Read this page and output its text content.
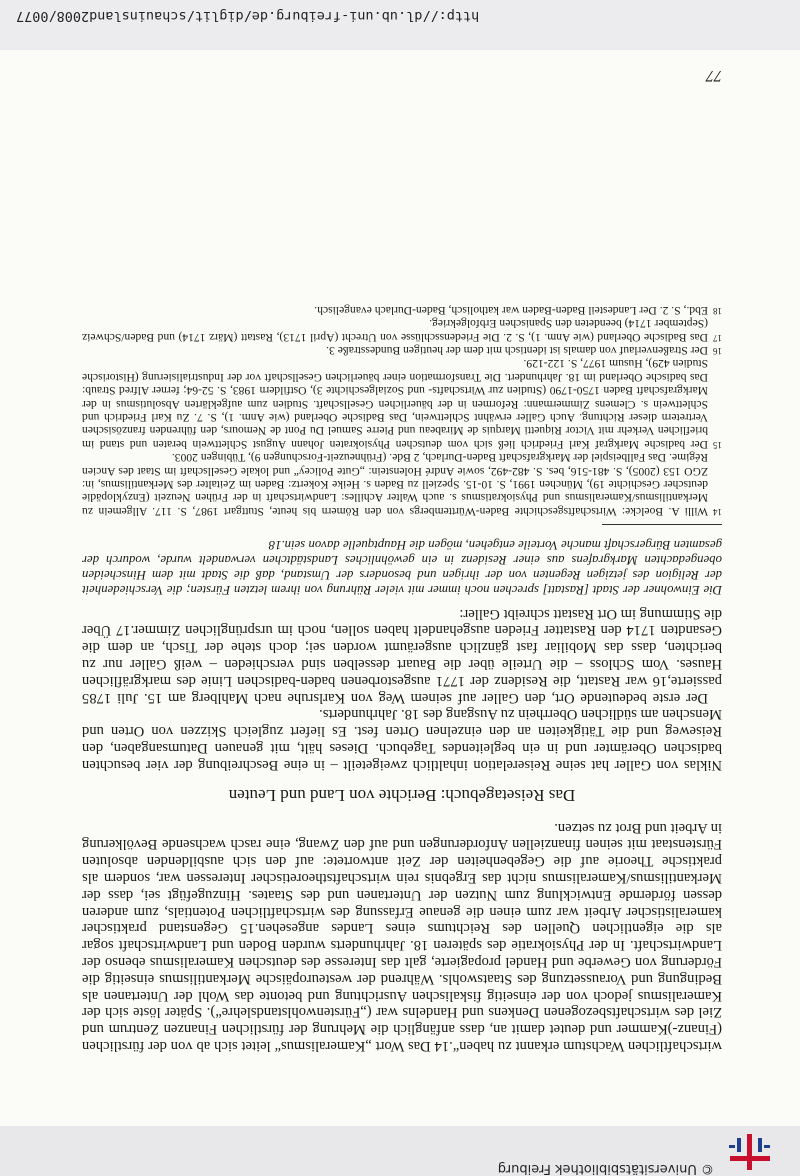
© Universitätsbibliothek Freiburg

wirtschaftlichen Wachstum erkannt zu haben“.14 Das Wort „Kameralismus“ leitet sich ab von der fürstlichen (Finanz-)Kammer und deutet damit an, dass anfänglich die Mehrung der fürstlichen Finanzen Zentrum und Ziel des wirtschaftsbezogenen Denkens und Handelns war („Fürstenwohlstandslehre“). Später löste sich der Kameralismus jedoch von der einseitig fiskalischen Ausrichtung und betonte das Wohl der Untertanen als Bedingung und Voraussetzung des Staatswohls. Während der westeuropäische Merkantilismus einseitig die Förderung von Gewerbe und Handel propagierte, galt das Interesse des deutschen Kameralismus ebenso der Landwirtschaft. In der Physiokratie des späteren 18. Jahrhunderts wurden Boden und Landwirtschaft sogar als die eigentlichen Quellen des Reichtums eines Landes angesehen.15 Gegenstand praktischer kameralistischer Arbeit war zum einen die genaue Erfassung des wirtschaftlichen Potentials, zum anderen dessen fördernde Entwicklung zum Nutzen der Untertanen und des Staates. Hinzugefügt sei, dass der Merkantilismus/Kameralismus nicht das Ergebnis rein wirtschaftstheoretischer Interessen war, sondern als praktische Theorie auf die Gegebenheiten der Zeit antwortete: auf den sich ausbildenden absoluten Fürstenstaat mit seinen finanziellen Anforderungen und auf den Zwang, eine rasch wachsende Bevölkerung in Arbeit und Brot zu setzen.

Das Reisetagebuch: Berichte von Land und Leuten

Niklas von Galler hat seine Reiserelation inhaltlich zweigeteilt – in eine Beschreibung der vier besuchten badischen Oberämter und in ein begleitendes Tagebuch. Dieses hält, mit genauen Datumsangaben, den Reiseweg und die Tätigkeiten an den einzelnen Orten fest. Es liefert zugleich Skizzen von Orten und Menschen am südlichen Oberrhein zu Ausgang des 18. Jahrhunderts.

Der erste bedeutende Ort, den Galler auf seinem Weg von Karlsruhe nach Mahlberg am 15. Juli 1785 passierte,16 war Rastatt, die Residenz der 1771 ausgestorbenen baden-badischen Linie des markgräflichen Hauses. Vom Schloss – die Urteile über die Bauart desselben sind verschieden – weiß Galler nur zu berichten, dass das Mobiliar fast gänzlich ausgeräumt worden sei; doch stehe der Tisch, an dem die Gesandten 1714 den Rastatter Frieden ausgehandelt haben sollen, noch im ursprünglichen Zimmer.17 Über die Stimmung im Ort Rastatt schreibt Galler:

Die Einwohner der Stadt [Rastatt] sprechen noch immer mit vieler Rührung von ihrem letzten Fürsten; die Verschiedenheit der Religion des jetzigen Regenten von der ihrigen und besonders der Umstand, daß die Stadt mit dem Hinscheiden obengedachten Markgrafens aus einer Residenz in ein gewöhnliches Landstädtchen verwandelt wurde, wodurch der gesamten Bürgerschaft manche Vorteile entgehen, mögen die Hauptquelle davon sein.18

14Willi A. Boelcke: Wirtschaftsgeschichte Baden-Württembergs von den Römern bis heute, Stuttgart 1987, S. 117. Allgemein zu Merkantilismus/Kameralismus und Physiokratismus s. auch Walter Achilles: Landwirtschaft in der Frühen Neuzeit (Enzyklopädie deutscher Geschichte 19), München 1991, S. 10-15. Speziell zu Baden s. Heike Kokertz: Baden im Zeitalter des Merkantilismus, in: ZGO 153 (2005), S. 481-516, bes. S. 482-492, sowie André Holenstein: „Gute Policey“ und lokale Gesellschaft im Staat des Ancien Régime. Das Fallbeispiel der Markgrafschaft Baden-Durlach, 2 Bde. (Frühneuzeit-Forschungen 9), Tübingen 2003.

15Der badische Markgraf Karl Friedrich ließ sich vom deutschen Physiokraten Johann August Schlettwein beraten und stand im brieflichen Verkehr mit Victor Riquetti Marquis de Mirabeau und Pierre Samuel Du Pont de Nemours, den führenden französischen Vertretern dieser Richtung. Auch Galler erwähnt Schlettwein, Das Badische Oberland (wie Anm. 1), S. 7. Zu Karl Friedrich und Schlettwein s. Clemens Zimmermann: Reformen in der bäuerlichen Gesellschaft. Studien zum aufgeklärten Absolutismus in der Markgrafschaft Baden 1750-1790 (Studien zur Wirtschafts- und Sozialgeschichte 3), Ostfildern 1983, S. 52-64; ferner Alfred Straub: Das badische Oberland im 18. Jahrhundert. Die Transformation einer bäuerlichen Gesellschaft vor der Industrialisierung (Historische Studien 429), Husum 1977, S. 122-129.

16Der Straßenverlauf von damals ist identisch mit dem der heutigen Bundesstraße 3.

17Das Badische Oberland (wie Anm. 1), S. 2. Die Friedensschlüsse von Utrecht (April 1713), Rastatt (März 1714) und Baden/Schweiz (September 1714) beendeten den Spanischen Erbfolgekrieg.

18Ebd., S. 2. Der Landesteil Baden-Baden war katholisch, Baden-Durlach evangelisch.

77
http://dl.ub.uni-freiburg.de/diglit/schauinsland2008/0077
